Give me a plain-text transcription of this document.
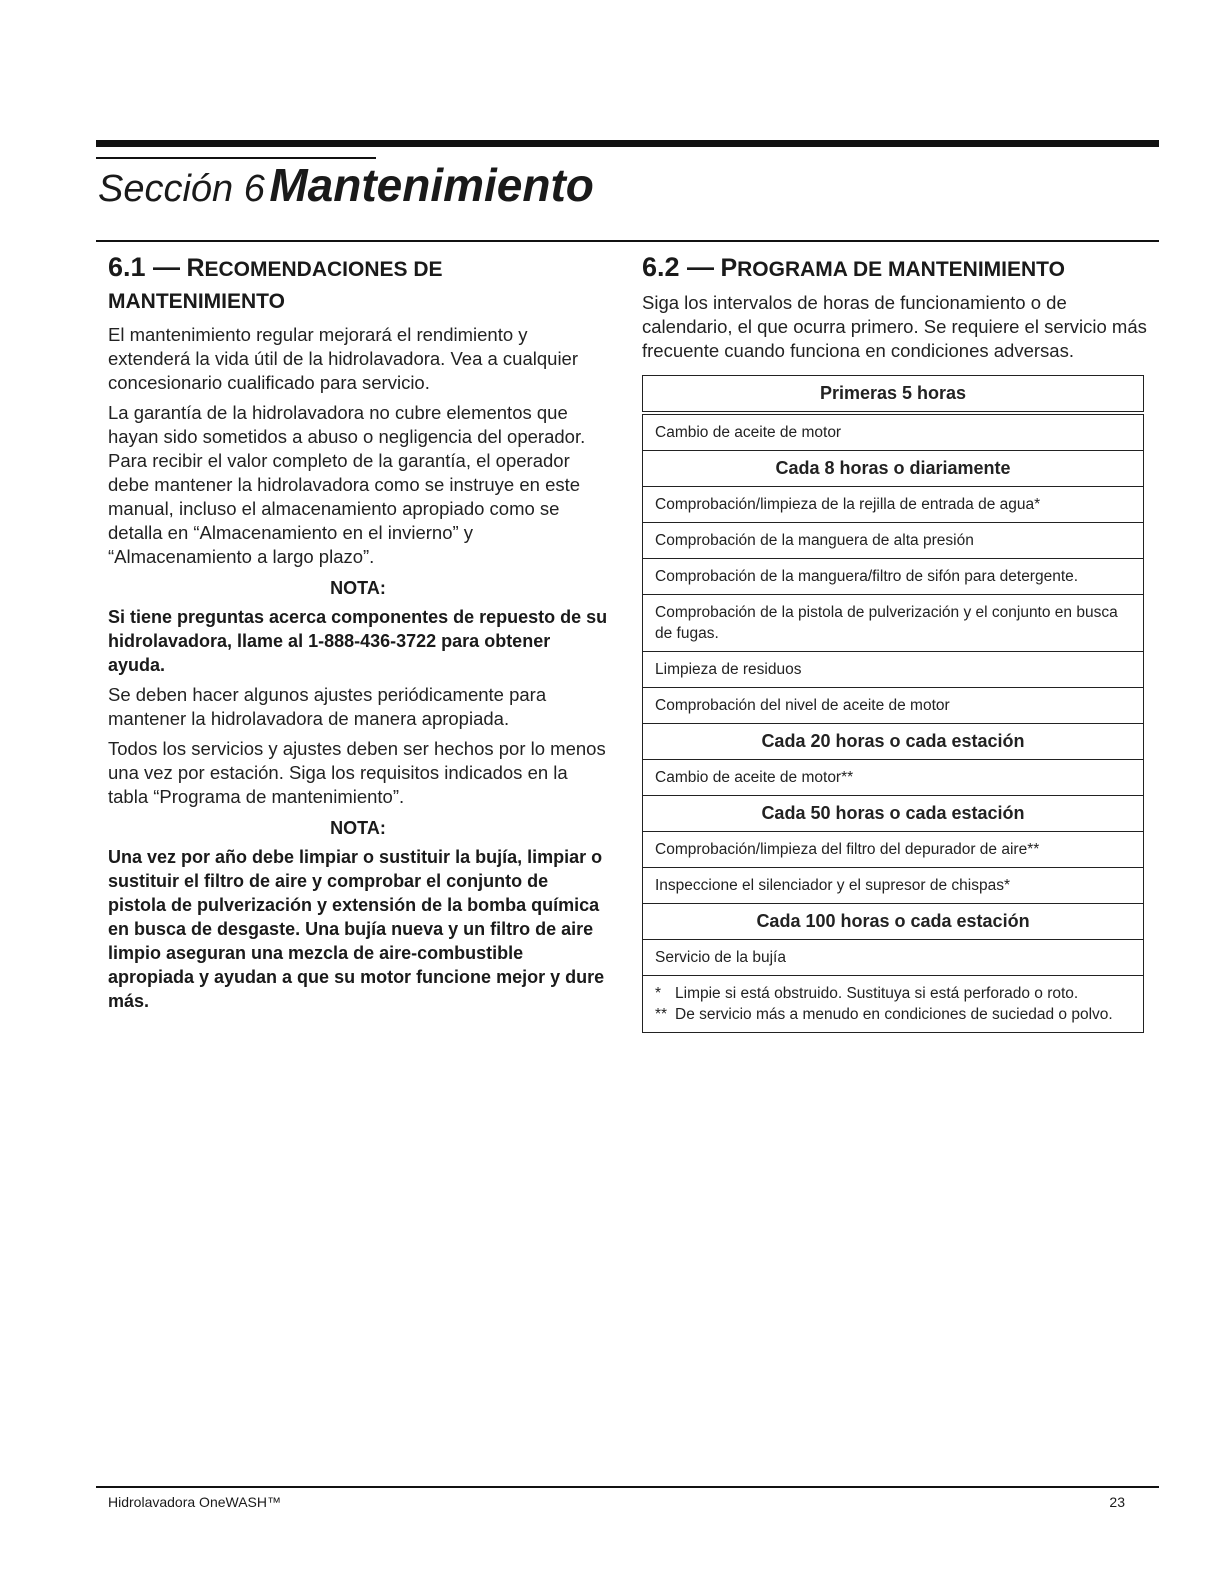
Sección 6 Mantenimiento
6.1 — RECOMENDACIONES DE
MANTENIMIENTO

El mantenimiento regular mejorará el rendimiento y extenderá la vida útil de la hidrolavadora. Vea a cualquier concesionario cualificado para servicio.

La garantía de la hidrolavadora no cubre elementos que hayan sido sometidos a abuso o negligencia del operador. Para recibir el valor completo de la garantía, el operador debe mantener la hidrolavadora como se instruye en este manual, incluso el almacenamiento apropiado como se detalla en “Almacenamiento en el invierno” y “Almacenamiento a largo plazo”.

NOTA:

Si tiene preguntas acerca componentes de repuesto de su hidrolavadora, llame al 1-888-436-3722 para obtener ayuda.

Se deben hacer algunos ajustes periódicamente para mantener la hidrolavadora de manera apropiada.

Todos los servicios y ajustes deben ser hechos por lo menos una vez por estación. Siga los requisitos indicados en la tabla “Programa de mantenimiento”.

NOTA:

Una vez por año debe limpiar o sustituir la bujía, limpiar o sustituir el filtro de aire y comprobar el conjunto de pistola de pulverización y extensión de la bomba química en busca de desgaste. Una bujía nueva y un filtro de aire limpio aseguran una mezcla de aire-combustible apropiada y ayudan a que su motor funcione mejor y dure más.

6.2 — PROGRAMA DE MANTENIMIENTO

Siga los intervalos de horas de funcionamiento o de calendario, el que ocurra primero. Se requiere el servicio más frecuente cuando funciona en condiciones adversas.

Primeras 5 horas
Cambio de aceite de motor
Cada 8 horas o diariamente
Comprobación/limpieza de la rejilla de entrada de agua*
Comprobación de la manguera de alta presión
Comprobación de la manguera/filtro de sifón para detergente.
Comprobación de la pistola de pulverización y el conjunto en busca de fugas.
Limpieza de residuos
Comprobación del nivel de aceite de motor
Cada 20 horas o cada estación
Cambio de aceite de motor**
Cada 50 horas o cada estación
Comprobación/limpieza del filtro del depurador de aire**
Inspeccione el silenciador y el supresor de chispas*
Cada 100 horas o cada estación
Servicio de la bujía

* Limpie si está obstruido. Sustituya si está perforado o roto.
** De servicio más a menudo en condiciones de suciedad o polvo.
Hidrolavadora OneWASH™	23
